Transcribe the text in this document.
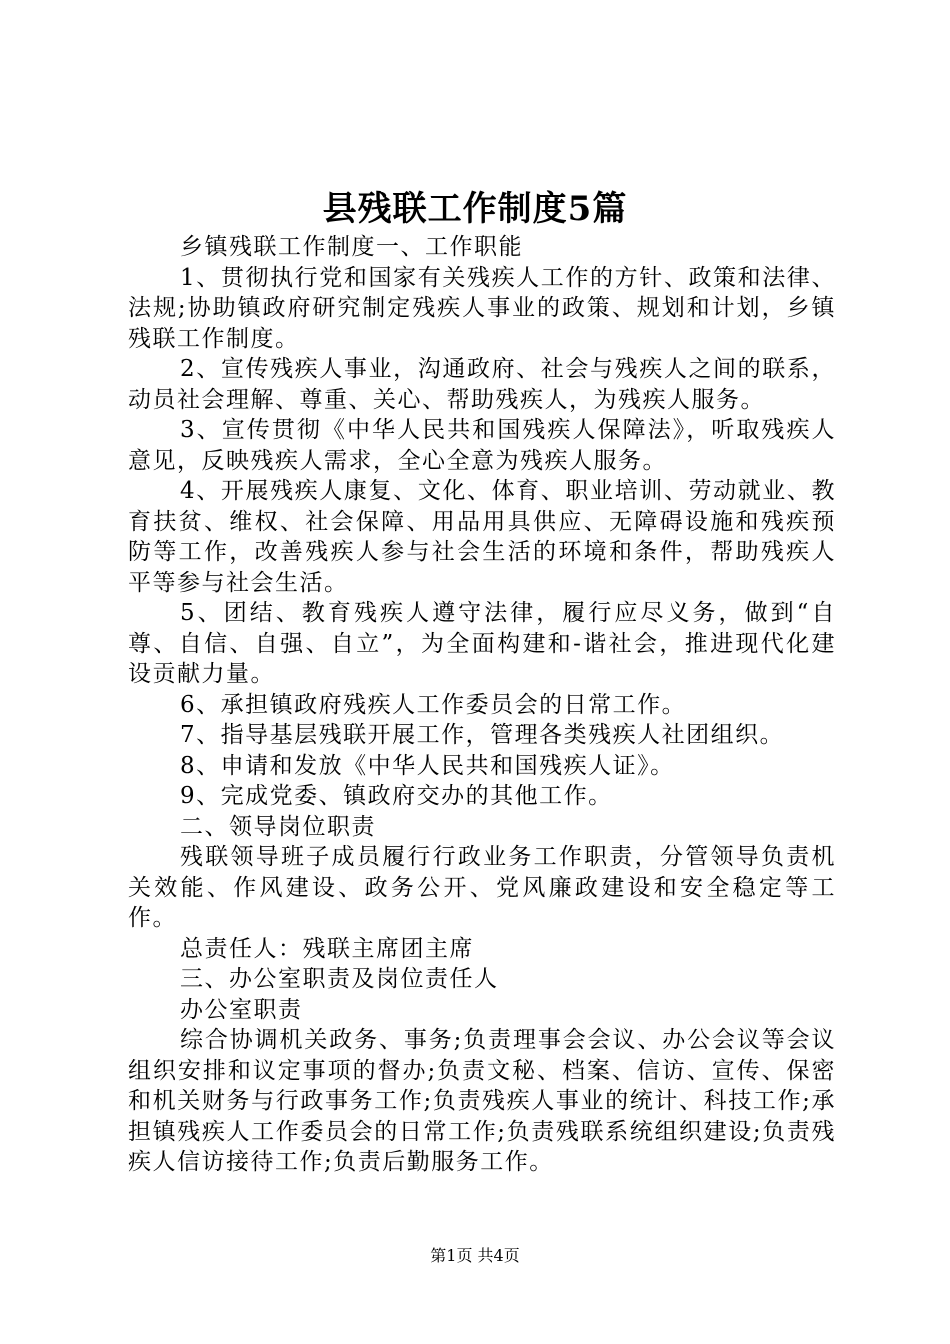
县残联工作制度5篇

乡镇残联工作制度一、工作职能

1、贯彻执行党和国家有关残疾人工作的方针、政策和法律、法规;协助镇政府研究制定残疾人事业的政策、规划和计划，乡镇残联工作制度。

2、宣传残疾人事业，沟通政府、社会与残疾人之间的联系，动员社会理解、尊重、关心、帮助残疾人，为残疾人服务。

3、宣传贯彻《中华人民共和国残疾人保障法》，听取残疾人意见，反映残疾人需求，全心全意为残疾人服务。

4、开展残疾人康复、文化、体育、职业培训、劳动就业、教育扶贫、维权、社会保障、用品用具供应、无障碍设施和残疾预防等工作，改善残疾人参与社会生活的环境和条件，帮助残疾人平等参与社会生活。

5、团结、教育残疾人遵守法律，履行应尽义务，做到“自尊、自信、自强、自立”，为全面构建和-谐社会，推进现代化建设贡献力量。

6、承担镇政府残疾人工作委员会的日常工作。

7、指导基层残联开展工作，管理各类残疾人社团组织。

8、申请和发放《中华人民共和国残疾人证》。

9、完成党委、镇政府交办的其他工作。

二、领导岗位职责

残联领导班子成员履行行政业务工作职责，分管领导负责机关效能、作风建设、政务公开、党风廉政建设和安全稳定等工作。

总责任人：残联主席团主席

三、办公室职责及岗位责任人

办公室职责

综合协调机关政务、事务;负责理事会会议、办公会议等会议组织安排和议定事项的督办;负责文秘、档案、信访、宣传、保密和机关财务与行政事务工作;负责残疾人事业的统计、科技工作;承担镇残疾人工作委员会的日常工作;负责残联系统组织建设;负责残疾人信访接待工作;负责后勤服务工作。

第1页 共4页
